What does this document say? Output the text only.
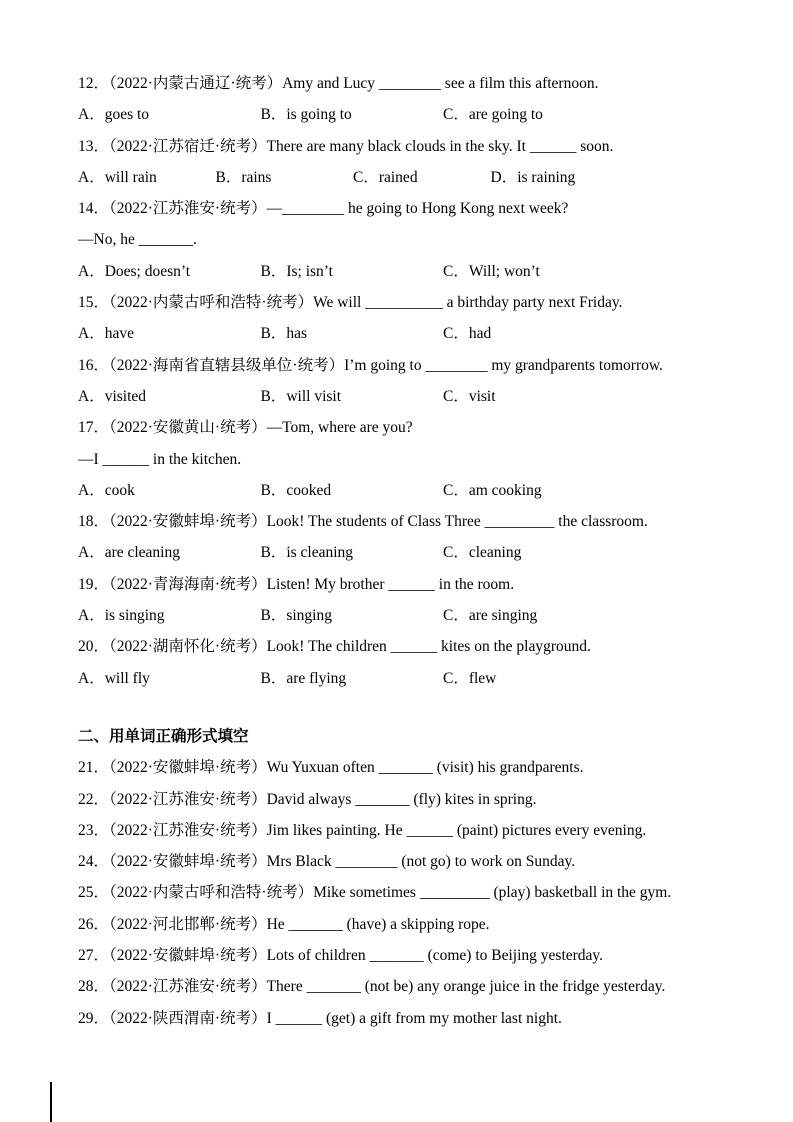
12．（2022·内蒙古通辽·统考）Amy and Lucy ________ see a film this afternoon.
A．goes to	B．is going to	C．are going to
13．（2022·江苏宿迁·统考）There are many black clouds in the sky. It ______ soon.
A．will rain	B．rains	C．rained	D．is raining
14．（2022·江苏淮安·统考）—________ he going to Hong Kong next week?
—No, he _______.
A．Does; doesn’t	B．Is; isn’t	C．Will; won’t
15．（2022·内蒙古呼和浩特·统考）We will __________ a birthday party next Friday.
A．have	B．has	C．had
16．（2022·海南省直辖县级单位·统考）I’m going to ________ my grandparents tomorrow.
A．visited	B．will visit	C．visit
17．（2022·安徽黄山·统考）—Tom, where are you?
—I ______ in the kitchen.
A．cook	B．cooked	C．am cooking
18．（2022·安徽蚌埠·统考）Look! The students of Class Three _________ the classroom.
A．are cleaning	B．is cleaning	C．cleaning
19．（2022·青海海南·统考）Listen! My brother ______ in the room.
A．is singing	B．singing	C．are singing
20．（2022·湖南怀化·统考）Look! The children ______ kites on the playground.
A．will fly	B．are flying	C．flew
二、用单词正确形式填空
21．（2022·安徽蚌埠·统考）Wu Yuxuan often _______ (visit) his grandparents.
22．（2022·江苏淮安·统考）David always _______ (fly) kites in spring.
23．（2022·江苏淮安·统考）Jim likes painting. He ______ (paint) pictures every evening.
24．（2022·安徽蚌埠·统考）Mrs Black ________ (not go) to work on Sunday.
25．（2022·内蒙古呼和浩特·统考）Mike sometimes _________ (play) basketball in the gym.
26．（2022·河北邯郸·统考）He _______ (have) a skipping rope.
27．（2022·安徽蚌埠·统考）Lots of children _______ (come) to Beijing yesterday.
28．（2022·江苏淮安·统考）There _______ (not be) any orange juice in the fridge yesterday.
29．（2022·陕西渭南·统考）I ______ (get) a gift from my mother last night.
